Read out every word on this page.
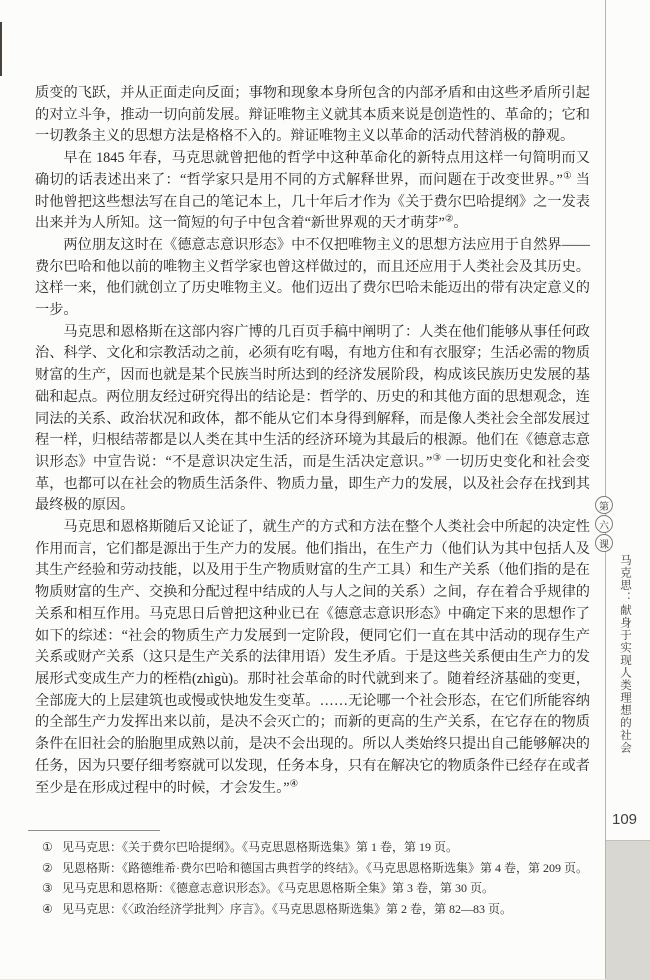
质变的飞跃，并从正面走向反面；事物和现象本身所包含的内部矛盾和由这些矛盾所引起的对立斗争，推动一切向前发展。辩证唯物主义就其本质来说是创造性的、革命的；它和一切教条主义的思想方法是格格不入的。辩证唯物主义以革命的活动代替消极的静观。

早在 1845 年春，马克思就曾把他的哲学中这种革命化的新特点用这样一句简明而又确切的话表述出来了：“哲学家只是用不同的方式解释世界，而问题在于改变世界。”① 当时他曾把这些想法写在自己的笔记本上，几十年后才作为《关于费尔巴哈提纲》之一发表出来并为人所知。这一简短的句子中包含着“新世界观的天才萌芽”②。

两位朋友这时在《德意志意识形态》中不仅把唯物主义的思想方法应用于自然界——费尔巴哈和他以前的唯物主义哲学家也曾这样做过的，而且还应用于人类社会及其历史。这样一来，他们就创立了历史唯物主义。他们迈出了费尔巴哈未能迈出的带有决定意义的一步。

马克思和恩格斯在这部内容广博的几百页手稿中阐明了：人类在他们能够从事任何政治、科学、文化和宗教活动之前，必须有吃有喝，有地方住和有衣服穿；生活必需的物质财富的生产，因而也就是某个民族当时所达到的经济发展阶段，构成该民族历史发展的基础和起点。两位朋友经过研究得出的结论是：哲学的、历史的和其他方面的思想观念，连同法的关系、政治状况和政体，都不能从它们本身得到解释，而是像人类社会全部发展过程一样，归根结蒂都是以人类在其中生活的经济环境为其最后的根源。他们在《德意志意识形态》中宣告说：“不是意识决定生活，而是生活决定意识。”③ 一切历史变化和社会变革，也都可以在社会的物质生活条件、物质力量，即生产力的发展，以及社会存在找到其最终极的原因。

马克思和恩格斯随后又论证了，就生产的方式和方法在整个人类社会中所起的决定性作用而言，它们都是源出于生产力的发展。他们指出，在生产力（他们认为其中包括人及其生产经验和劳动技能，以及用于生产物质财富的生产工具）和生产关系（他们指的是在物质财富的生产、交换和分配过程中结成的人与人之间的关系）之间，存在着合乎规律的关系和相互作用。马克思日后曾把这种业已在《德意志意识形态》中确定下来的思想作了如下的综述：“社会的物质生产力发展到一定阶段，便同它们一直在其中活动的现存生产关系或财产关系（这只是生产关系的法律用语）发生矛盾。于是这些关系便由生产力的发展形式变成生产力的桎梏(zhìgù)。那时社会革命的时代就到来了。随着经济基础的变更，全部庞大的上层建筑也或慢或快地发生变革。……无论哪一个社会形态，在它们所能容纳的全部生产力发挥出来以前，是决不会灭亡的；而新的更高的生产关系，在它存在的物质条件在旧社会的胎胞里成熟以前，是决不会出现的。所以人类始终只提出自己能够解决的任务，因为只要仔细考察就可以发现，任务本身，只有在解决它的物质条件已经存在或者至少是在形成过程中的时候，才会发生。”④

① 见马克思：《关于费尔巴哈提纲》。《马克思恩格斯选集》第 1 卷，第 19 页。
② 见恩格斯：《路德维希·费尔巴哈和德国古典哲学的终结》。《马克思恩格斯选集》第 4 卷，第 209 页。
③ 见马克思和恩格斯：《德意志意识形态》。《马克思恩格斯全集》第 3 卷，第 30 页。
④ 见马克思：《〈政治经济学批判〉序言》。《马克思恩格斯选集》第 2 卷，第 82—83 页。
第
六
课
马克思：献身于实现人类理想的社会
109
